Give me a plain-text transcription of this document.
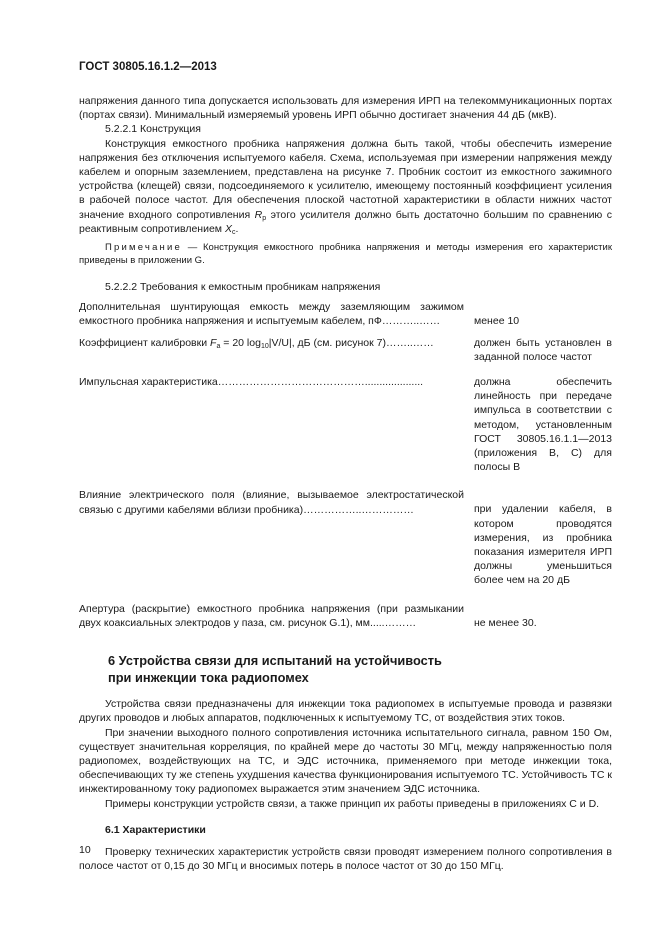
ГОСТ 30805.16.1.2—2013

напряжения данного типа допускается использовать для измерения ИРП на телекоммуникационных портах (портах связи). Минимальный измеряемый уровень ИРП обычно достигает значения 44 дБ (мкВ).

5.2.2.1 Конструкция

Конструкция емкостного пробника напряжения должна быть такой, чтобы обеспечить измерение напряжения без отключения испытуемого кабеля. Схема, используемая при измерении напряжения между кабелем и опорным заземлением, представлена на рисунке 7. Пробник состоит из емкостного зажимного устройства (клещей) связи, подсоединяемого к усилителю, имеющему постоянный коэффициент усиления в рабочей полосе частот. Для обеспечения плоской частотной характеристики в области нижних частот значение входного сопротивления $R_p$ этого усилителя должно быть достаточно большим по сравнению с реактивным сопротивлением $X_c$.

Примечание — Конструкция емкостного пробника напряжения и методы измерения его характеристик приведены в приложении G.

5.2.2.2 Требования к емкостным пробникам напряжения

Дополнительная шунтирующая емкость между заземляющим зажимом емкостного пробника напряжения и испытуемым кабелем, пФ………..……	менее 10
Коэффициент калибровки $F_a = 20$ $\log_{10}|V/U|$, дБ (см. рисунок 7)……..……	должен быть установлен в заданной полосе частот
Импульсная характеристика……………………………………....................	должна обеспечить линейность при передаче импульса в соответствии с методом, установленным ГОСТ 30805.16.1.1—2013 (приложения B, C) для полосы B
Влияние электрического поля (влияние, вызываемое электростатической связью с другими кабелями вблизи пробника)……………..……………	при удалении кабеля, в котором проводятся измерения, из пробника показания измерителя ИРП должны уменьшиться более чем на 20 дБ
Апертура (раскрытие) емкостного пробника напряжения (при размыкании двух коаксиальных электродов у паза, см. рисунок G.1), мм.....………	не менее 30.
6 Устройства связи для испытаний на устойчивость
при инжекции тока радиопомех

Устройства связи предназначены для инжекции тока радиопомех в испытуемые провода и развязки других проводов и любых аппаратов, подключенных к испытуемому ТС, от воздействия этих токов.

При значении выходного полного сопротивления источника испытательного сигнала, равном 150 Ом, существует значительная корреляция, по крайней мере до частоты 30 МГц, между напряженностью поля радиопомех, воздействующих на ТС, и ЭДС источника, применяемого при методе инжекции тока, обеспечивающих ту же степень ухудшения качества функционирования испытуемого ТС. Устойчивость ТС к инжектированному току радиопомех выражается этим значением ЭДС источника.

Примеры конструкции устройств связи, а также принцип их работы приведены в приложениях C и D.

6.1 Характеристики

Проверку технических характеристик устройств связи проводят измерением полного сопротивления в полосе частот от 0,15 до 30 МГц и вносимых потерь в полосе частот от 30 до 150 МГц.

10
